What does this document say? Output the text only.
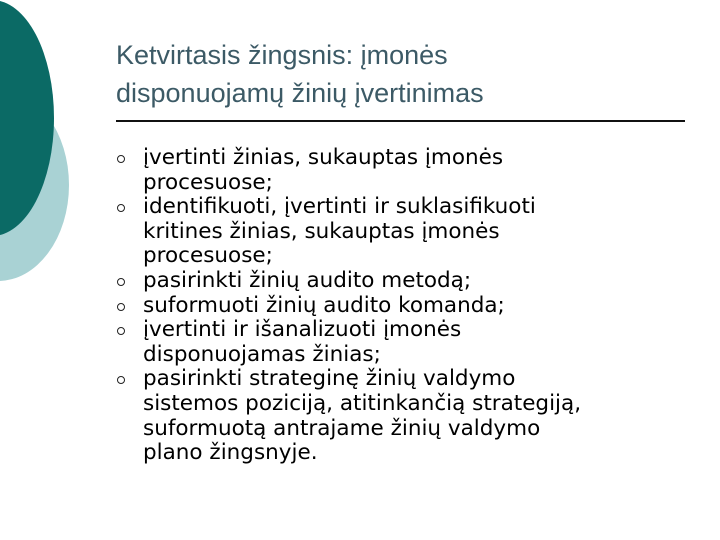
Ketvirtasis žingsnis: įmonės
disponuojamų žinių įvertinimas
įvertinti žinias, sukauptas įmonės
procesuose;
identifikuoti, įvertinti ir suklasifikuoti
kritines žinias, sukauptas įmonės
procesuose;
pasirinkti žinių audito metodą;
suformuoti žinių audito komanda;
įvertinti ir išanalizuoti įmonės
disponuojamas žinias;
pasirinkti strateginę žinių valdymo
sistemos poziciją, atitinkančią strategiją,
suformuotą antrajame žinių valdymo
plano žingsnyje.
